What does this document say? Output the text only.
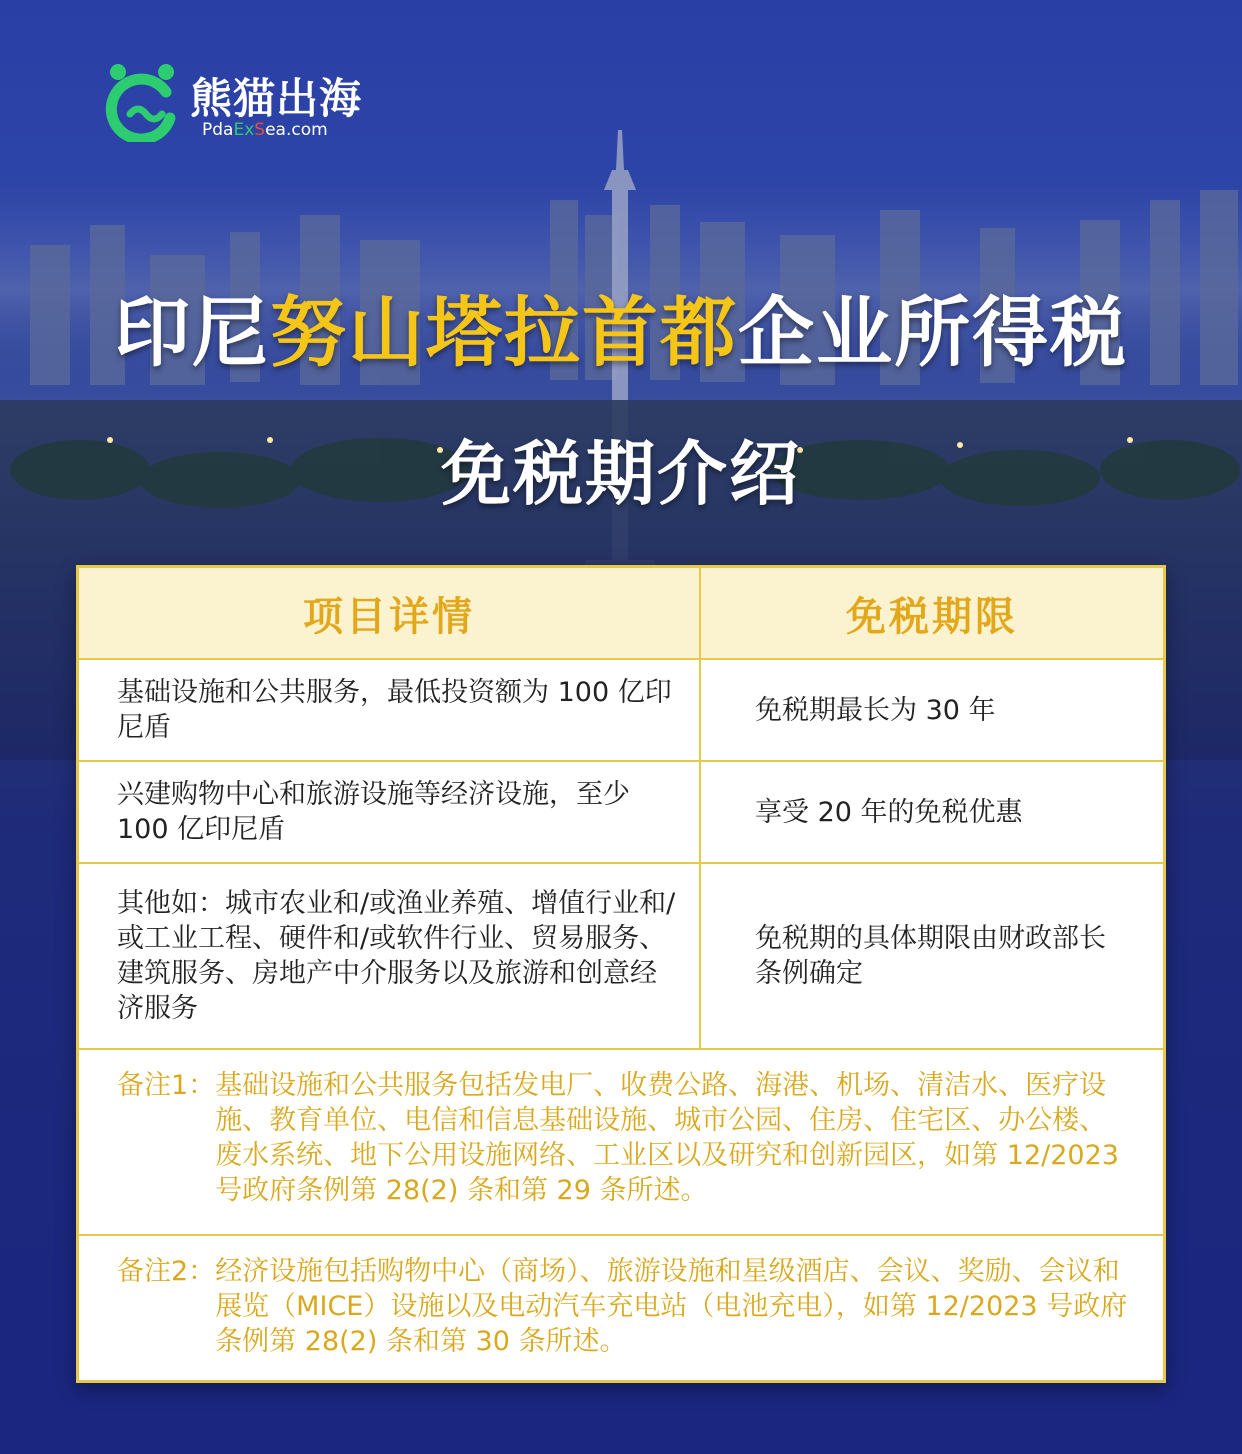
熊猫出海
PdaExSea.com
印尼努山塔拉首都企业所得税
免税期介绍
项目详情	免税期限
基础设施和公共服务，最低投资额为 100 亿印尼盾
免税期最长为 30 年
兴建购物中心和旅游设施等经济设施，至少 100 亿印尼盾
享受 20 年的免税优惠
其他如：城市农业和/或渔业养殖、增值行业和/或工业工程、硬件和/或软件行业、贸易服务、建筑服务、房地产中介服务以及旅游和创意经济服务
免税期的具体期限由财政部长条例确定
备注1： 基础设施和公共服务包括发电厂、收费公路、海港、机场、清洁水、医疗设施、教育单位、电信和信息基础设施、城市公园、住房、住宅区、办公楼、废水系统、地下公用设施网络、工业区以及研究和创新园区，如第 12/2023 号政府条例第 28(2) 条和第 29 条所述。
备注2： 经济设施包括购物中心（商场）、旅游设施和星级酒店、会议、奖励、会议和展览（MICE）设施以及电动汽车充电站（电池充电），如第 12/2023 号政府条例第 28(2) 条和第 30 条所述。
